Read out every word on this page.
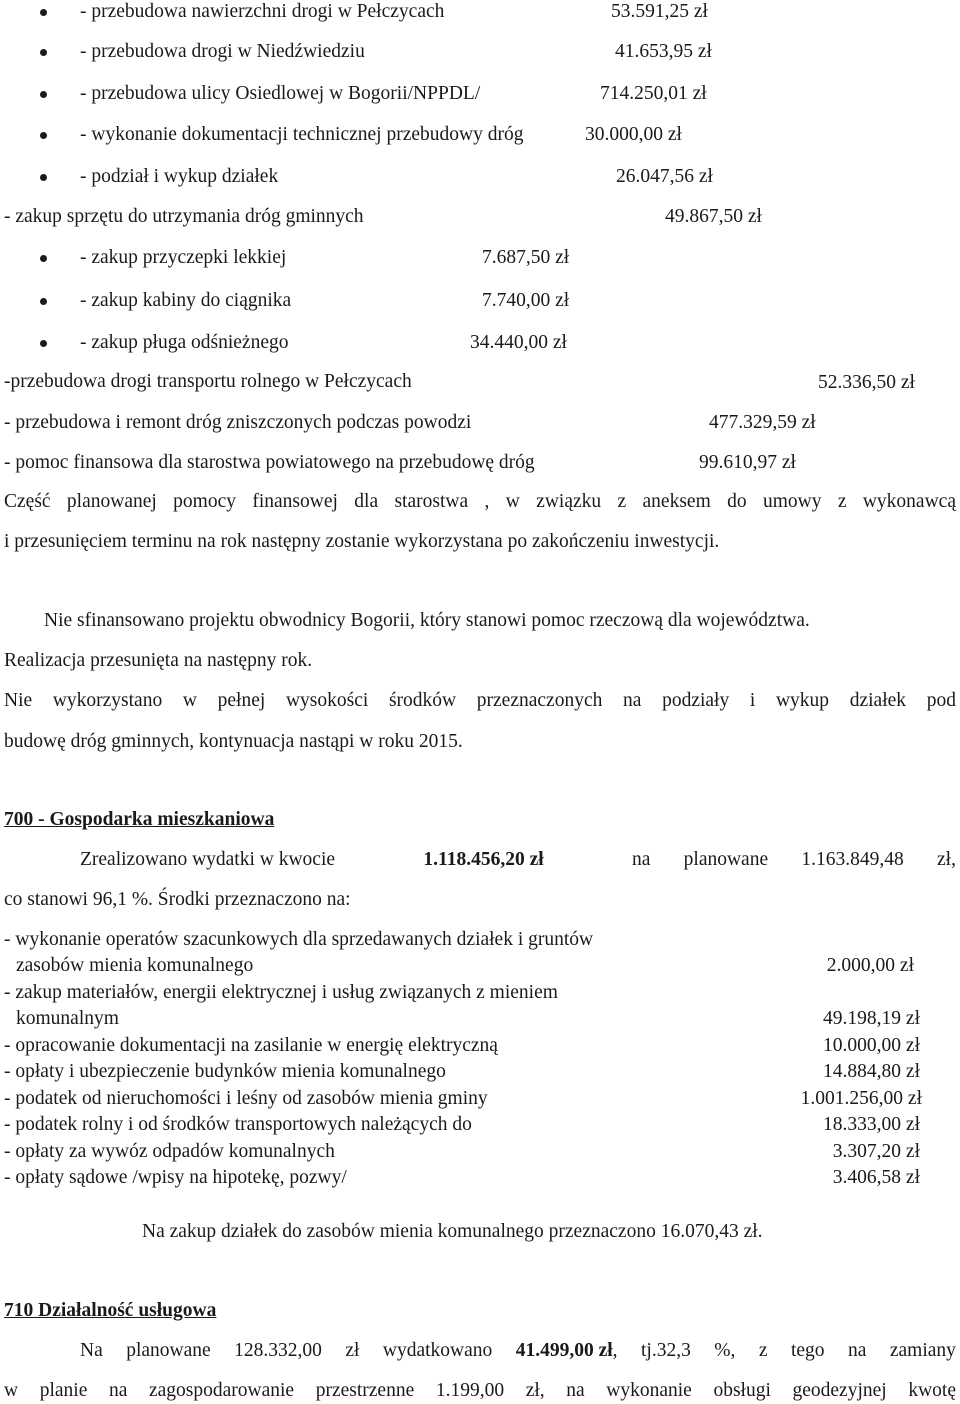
- przebudowa nawierzchni drogi w Pełczycach	53.591,25 zł
- przebudowa drogi w Niedźwiedziu	41.653,95 zł
- przebudowa ulicy Osiedlowej w Bogorii/NPPDL/	714.250,01 zł
- wykonanie dokumentacji technicznej przebudowy dróg	30.000,00 zł
- podział i wykup działek	26.047,56 zł
- zakup sprzętu do utrzymania dróg gminnych	49.867,50 zł
- zakup przyczepki lekkiej	7.687,50 zł
- zakup kabiny do ciągnika	7.740,00 zł
- zakup pługa odśnieżnego	34.440,00 zł
-przebudowa drogi transportu rolnego w Pełczycach	52.336,50 zł
- przebudowa i remont dróg zniszczonych podczas powodzi	477.329,59 zł
- pomoc finansowa dla starostwa powiatowego na przebudowę dróg	99.610,97 zł
Część planowanej pomocy finansowej dla starostwa , w związku z aneksem do umowy z wykonawcą
i przesunięciem terminu na rok następny zostanie wykorzystana po zakończeniu inwestycji.
Nie sfinansowano projektu obwodnicy Bogorii, który stanowi pomoc rzeczową dla województwa.
Realizacja przesunięta na następny rok.
Nie wykorzystano w pełnej wysokości środków przeznaczonych na podziały i wykup działek pod
budowę dróg gminnych, kontynuacja nastąpi w roku 2015.
700 - Gospodarka mieszkaniowa
Zrealizowano wydatki w kwocie	1.118.456,20 zł	na planowane 1.163.849,48 zł,
co stanowi 96,1 %. Środki przeznaczono na:
- wykonanie operatów szacunkowych dla sprzedawanych działek i gruntów
zasobów mienia komunalnego	2.000,00 zł
- zakup materiałów, energii elektrycznej i usług związanych z mieniem
komunalnym	49.198,19 zł
- opracowanie dokumentacji na zasilanie w energię elektryczną	10.000,00 zł
- opłaty i ubezpieczenie budynków mienia komunalnego	14.884,80 zł
- podatek od nieruchomości i leśny od zasobów mienia gminy	1.001.256,00 zł
- podatek rolny i od środków transportowych należących do	18.333,00 zł
- opłaty za wywóz odpadów komunalnych	3.307,20 zł
- opłaty sądowe /wpisy na hipotekę, pozwy/	3.406,58 zł
Na zakup działek do zasobów mienia komunalnego przeznaczono 16.070,43 zł.
710 Działalność usługowa
Na planowane 128.332,00 zł wydatkowano 41.499,00 zł, tj.32,3 %, z tego na zamiany
w planie na zagospodarowanie przestrzenne 1.199,00 zł, na wykonanie obsługi geodezyjnej kwotę
